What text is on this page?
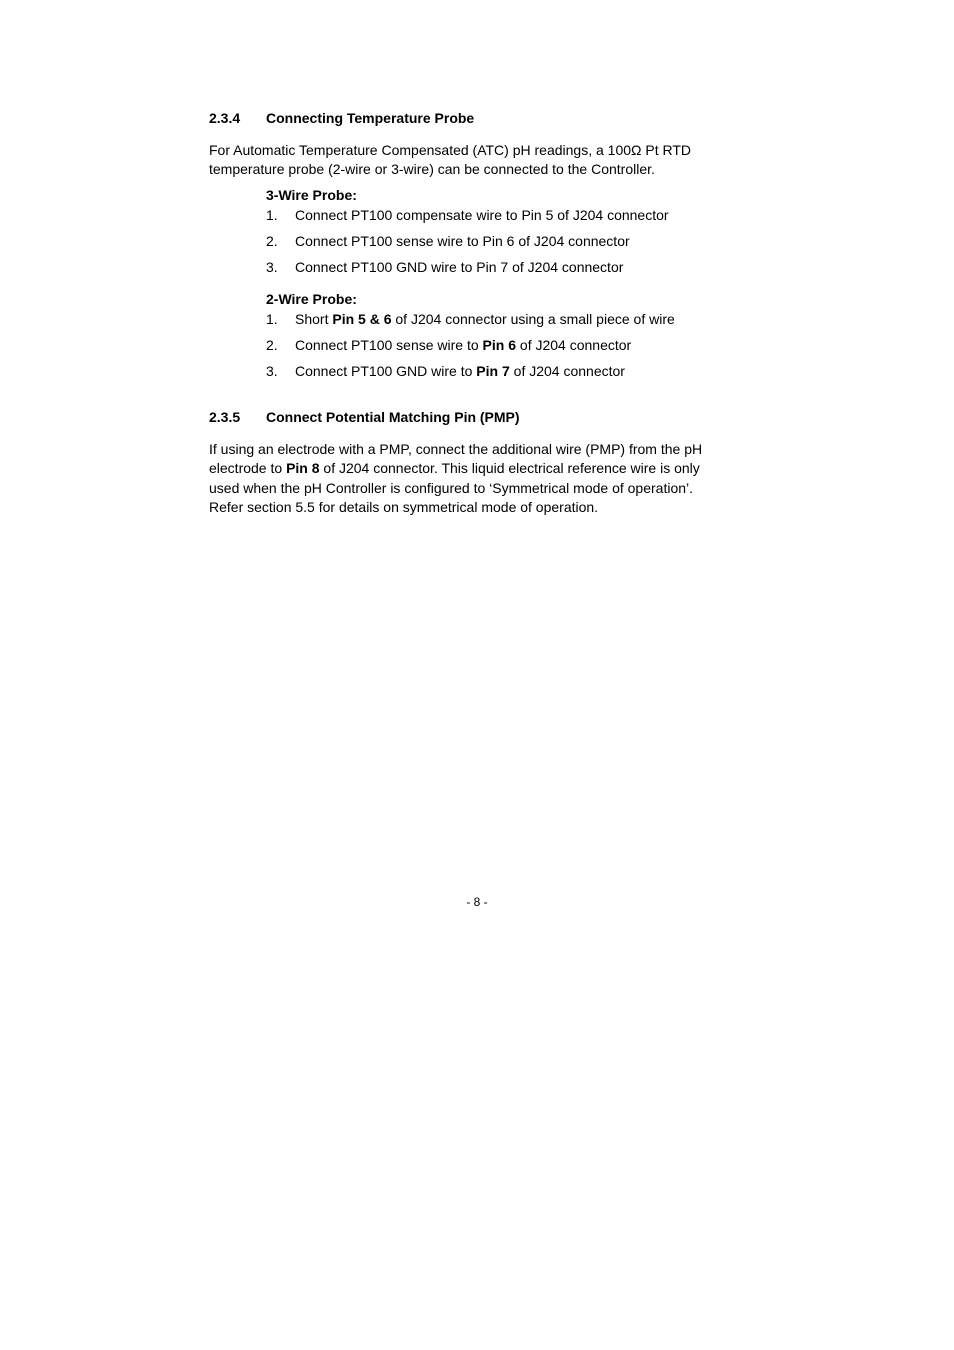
2.3.4 Connecting Temperature Probe
For Automatic Temperature Compensated (ATC) pH readings, a 100Ω Pt RTD
temperature probe (2-wire or 3-wire) can be connected to the Controller.
3-Wire Probe:
1. Connect PT100 compensate wire to Pin 5 of J204 connector
2. Connect PT100 sense wire to Pin 6 of J204 connector
3. Connect PT100 GND wire to Pin 7 of J204 connector
2-Wire Probe:
1. Short Pin 5 & 6 of J204 connector using a small piece of wire
2. Connect PT100 sense wire to Pin 6 of J204 connector
3. Connect PT100 GND wire to Pin 7 of J204 connector
2.3.5 Connect Potential Matching Pin (PMP)
If using an electrode with a PMP, connect the additional wire (PMP) from the pH
electrode to Pin 8 of J204 connector. This liquid electrical reference wire is only
used when the pH Controller is configured to ‘Symmetrical mode of operation’.
Refer section 5.5 for details on symmetrical mode of operation.
- 8 -
